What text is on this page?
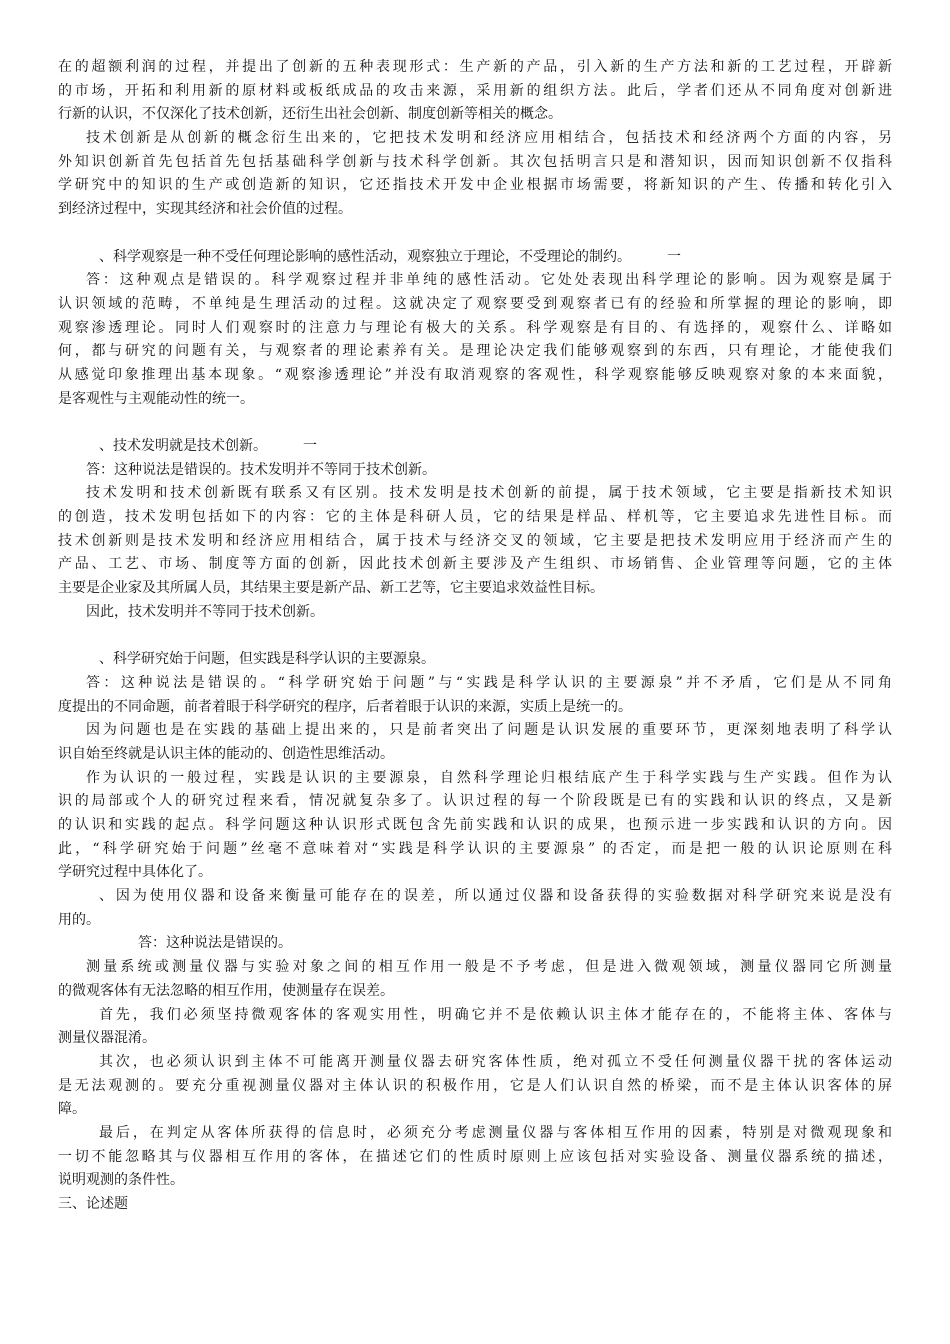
在的超额利润的过程，并提出了创新的五种表现形式：生产新的产品，引入新的生产方法和新的工艺过程，开辟新
的市场，开拓和利用新的原材料或板纸成品的攻击来源，采用新的组织方法。此后，学者们还从不同角度对创新进
行新的认识，不仅深化了技术创新，还衍生出社会创新、制度创新等相关的概念。
技术创新是从创新的概念衍生出来的，它把技术发明和经济应用相结合，包括技术和经济两个方面的内容，另
外知识创新首先包括首先包括基础科学创新与技术科学创新。其次包括明言只是和潜知识，因而知识创新不仅指科
学研究中的知识的生产或创造新的知识，它还指技术开发中企业根据市场需要，将新知识的产生、传播和转化引入
到经济过程中，实现其经济和社会价值的过程。
、科学观察是一种不受任何理论影响的感性活动，观察独立于理论，不受理论的制约。	一
答：这种观点是错误的。科学观察过程并非单纯的感性活动。它处处表现出科学理论的影响。因为观察是属于
认识领域的范畴，不单纯是生理活动的过程。这就决定了观察要受到观察者已有的经验和所掌握的理论的影响，即
观察渗透理论。同时人们观察时的注意力与理论有极大的关系。科学观察是有目的、有选择的，观察什么、详略如
何，都与研究的问题有关，与观察者的理论素养有关。是理论决定我们能够观察到的东西，只有理论，才能使我们
从感觉印象推理出基本现象。“观察渗透理论”并没有取消观察的客观性，科学观察能够反映观察对象的本来面貌，
是客观性与主观能动性的统一。
、技术发明就是技术创新。	一
答：这种说法是错误的。技术发明并不等同于技术创新。
技术发明和技术创新既有联系又有区别。技术发明是技术创新的前提，属于技术领域，它主要是指新技术知识
的创造，技术发明包括如下的内容：它的主体是科研人员，它的结果是样品、样机等，它主要追求先进性目标。而
技术创新则是技术发明和经济应用相结合，属于技术与经济交叉的领域，它主要是把技术发明应用于经济而产生的
产品、工艺、市场、制度等方面的创新，因此技术创新主要涉及产生组织、市场销售、企业管理等问题，它的主体
主要是企业家及其所属人员，其结果主要是新产品、新工艺等，它主要追求效益性目标。
因此，技术发明并不等同于技术创新。
、科学研究始于问题，但实践是科学认识的主要源泉。
答：这种说法是错误的。“科学研究始于问题”与“实践是科学认识的主要源泉”并不矛盾，它们是从不同角
度提出的不同命题，前者着眼于科学研究的程序，后者着眼于认识的来源，实质上是统一的。
因为问题也是在实践的基础上提出来的，只是前者突出了问题是认识发展的重要环节，更深刻地表明了科学认
识自始至终就是认识主体的能动的、创造性思维活动。
作为认识的一般过程，实践是认识的主要源泉，自然科学理论归根结底产生于科学实践与生产实践。但作为认
识的局部或个人的研究过程来看，情况就复杂多了。认识过程的每一个阶段既是已有的实践和认识的终点，又是新
的认识和实践的起点。科学问题这种认识形式既包含先前实践和认识的成果，也预示进一步实践和认识的方向。因
此，“科学研究始于问题”丝毫不意味着对“实践是科学认识的主要源泉” 的否定，而是把一般的认识论原则在科
学研究过程中具体化了。
、因为使用仪器和设备来衡量可能存在的误差，所以通过仪器和设备获得的实验数据对科学研究来说是没有
用的。
答：这种说法是错误的。
测量系统或测量仪器与实验对象之间的相互作用一般是不予考虑，但是进入微观领域，测量仪器同它所测量
的微观客体有无法忽略的相互作用，使测量存在误差。
首先，我们必须坚持微观客体的客观实用性，明确它并不是依赖认识主体才能存在的，不能将主体、客体与
测量仪器混淆。
其次，也必须认识到主体不可能离开测量仪器去研究客体性质，绝对孤立不受任何测量仪器干扰的客体运动
是无法观测的。要充分重视测量仪器对主体认识的积极作用，它是人们认识自然的桥梁，而不是主体认识客体的屏
障。
最后，在判定从客体所获得的信息时，必须充分考虑测量仪器与客体相互作用的因素，特别是对微观现象和
一切不能忽略其与仪器相互作用的客体，在描述它们的性质时原则上应该包括对实验设备、测量仪器系统的描述，
说明观测的条件性。
三、论述题
